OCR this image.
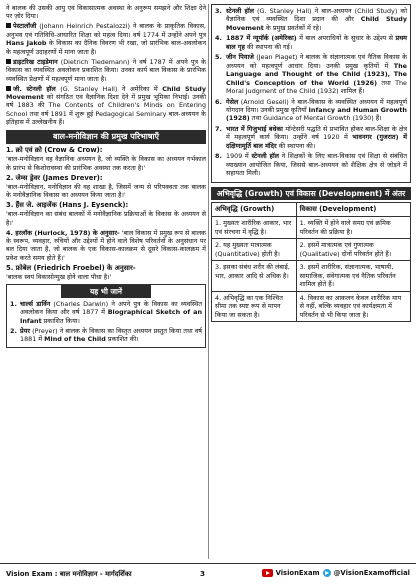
ने बालक की उसकी आयु एवं विकासात्मक अवस्था के अनुरूप समझने और शिक्षा देने पर ज़ोर दिया।

पेस्टालॉजी (Johann Heinrich Pestalozzi) ने बालक के प्राकृतिक विकास, अनुभव एवं गतिविधि-आधारित शिक्षा को महत्व दिया। वर्ष 1774 में उन्होंने अपने पुत्र Hans Jakob के विकास का दैनिक विवरण भी रखा, जो प्रारंभिक बाल-अवलोकन के महत्वपूर्ण उदाहरणों में माना जाता है।

डाइटरिख टाइडेमान (Dietrich Tiedemann) ने वर्ष 1787 में अपने पुत्र के विकास का व्यवस्थित अवलोकन प्रकाशित किया। उनका कार्य बाल विकास के प्रारंभिक व्यवस्थित प्रेक्षणों में महत्वपूर्ण माना जाता है।

जी. स्टेनली हॉल (G. Stanley Hall) ने अमेरिका में Child Study Movement को संगठित एवं वैज्ञानिक दिशा देने में प्रमुख भूमिका निभाई। उनकी वर्ष 1883 की The Contents of Children's Minds on Entering School तथा वर्ष 1891 में शुरू हुई Pedagogical Seminary बाल-अध्ययन के इतिहास में उल्लेखनीय हैं।

बाल-मनोविज्ञान की प्रमुख परिभाषाएँ
1. क्रो एवं क्रो (Crow & Crow):

'बाल-मनोविज्ञान वह वैज्ञानिक अध्ययन है, जो व्यक्ति के विकास का अध्ययन गर्भकाल के प्रारंभ से किशोरावस्था की प्रारंभिक अवस्था तक करता है।'

2. जेम्स ड्रेवर (James Drever):

'बाल-मनोविज्ञान, मनोविज्ञान की वह शाखा है, जिसमें जन्म से परिपक्वता तक बालक के मनोवैज्ञानिक विकास का अध्ययन किया जाता है।'

3. हैंस जे. आइजेंक (Hans J. Eysenck):

'बाल-मनोविज्ञान का संबंध बालकों में मनोवैज्ञानिक प्रक्रियाओं के विकास के अध्ययन से है।'

4. हरलॉक (Hurlock, 1978) के अनुसार- 'बाल विकास में प्रमुख रूप से बालक के स्वरूप, व्यवहार, रुचियों और उद्देश्यों में होने वाले विशेष परिवर्तनों के अनुसंधान पर बल दिया जाता है, जो बालक के एक विकास-कालक्रम से दूसरे विकास-कालक्रम में प्रवेश करते समय होते हैं।'

5. फ्रोबेल (Friedrich Froebel) के अनुसार-

'बालक स्वयं विकासोन्मुख होने वाला पौधा है।'

यह भी जानें
1. चार्ल्स डार्विन (Charles Darwin) ने अपने पुत्र के विकास का व्यवस्थित अवलोकन किया और वर्ष 1877 में Biographical Sketch of an Infant प्रकाशित किया।
2. प्रेयर (Preyer) ने बालक के विकास का विस्तृत अध्ययन प्रस्तुत किया तथा वर्ष 1881 में Mind of the Child प्रकाशित की।
3. स्टेनली हॉल (G. Stanley Hall) ने बाल-अध्ययन (Child Study) को वैज्ञानिक एवं व्यवस्थित दिशा प्रदान की और Child Study Movement के प्रमुख प्रवर्तकों में रहे।
4. 1887 में न्यूयॉर्क (अमेरिका) में बाल अपराधियों के सुधार के उद्देश्य से प्रथम बाल गृह की स्थापना की गई।
5. जीन पियाजे (Jean Piaget) ने बालक के संज्ञानात्मक एवं नैतिक विकास के अध्ययन को महत्वपूर्ण आधार दिया। उनकी प्रमुख कृतियों में The Language and Thought of the Child (1923), The Child's Conception of the World (1926) तथा The Moral Judgment of the Child (1932) शामिल हैं।
6. गेसेल (Arnold Gesell) ने बाल-विकास के व्यवस्थित अध्ययन में महत्वपूर्ण योगदान दिया। उनकी प्रमुख कृतियाँ Infancy and Human Growth (1928) तथा Guidance of Mental Growth (1930) हैं।
7. भारत में गिजुभाई बधेका मॉन्टेसरी पद्धति से प्रभावित होकर बाल-शिक्षा के क्षेत्र में महत्वपूर्ण कार्य किया। उन्होंने वर्ष 1920 में भावनगर (गुजरात) में दक्षिणामूर्ति बाल मंदिर की स्थापना की।
8. 1909 में स्टेनली हॉल ने शिक्षकों के लिए बाल-विकास एवं शिक्षा से संबंधित व्याख्यान आयोजित किया, जिससे बाल-अध्ययन को शैक्षिक क्षेत्र से जोड़ने में सहायता मिली।
अभिवृद्धि (Growth) एवं विकास (Development) में अंतर
अभिवृद्धि (Growth)	विकास (Development)
1. मुख्यतः शारीरिक आकार, भार एवं संरचना में वृद्धि है।	1. व्यक्ति में होने वाले समग्र एवं क्रमिक परिवर्तन की प्रक्रिया है।
2. यह मुख्यतः मात्रात्मक (Quantitative) होती है।	2. इसमें मात्रात्मक एवं गुणात्मक (Qualitative) दोनों परिवर्तन होते हैं।
3. इसका संबंध शरीर की लंबाई, भार, आकार आदि से अधिक है।	3. इसमें शारीरिक, संज्ञानात्मक, भाषायी, सामाजिक, संवेगात्मक एवं नैतिक परिवर्तन शामिल होते हैं।
4. अभिवृद्धि का एक निश्चित सीमा तक स्पष्ट रूप से मापन किया जा सकता है।	4. विकास का आकलन केवल शारीरिक माप से नहीं, बल्कि व्यवहार एवं कार्यक्षमता में परिवर्तन से भी किया जाता है।
Vision Exam : बाल मनोविज्ञान - मार्गदर्शिका	3	VisionExam @VisionExamofficial
